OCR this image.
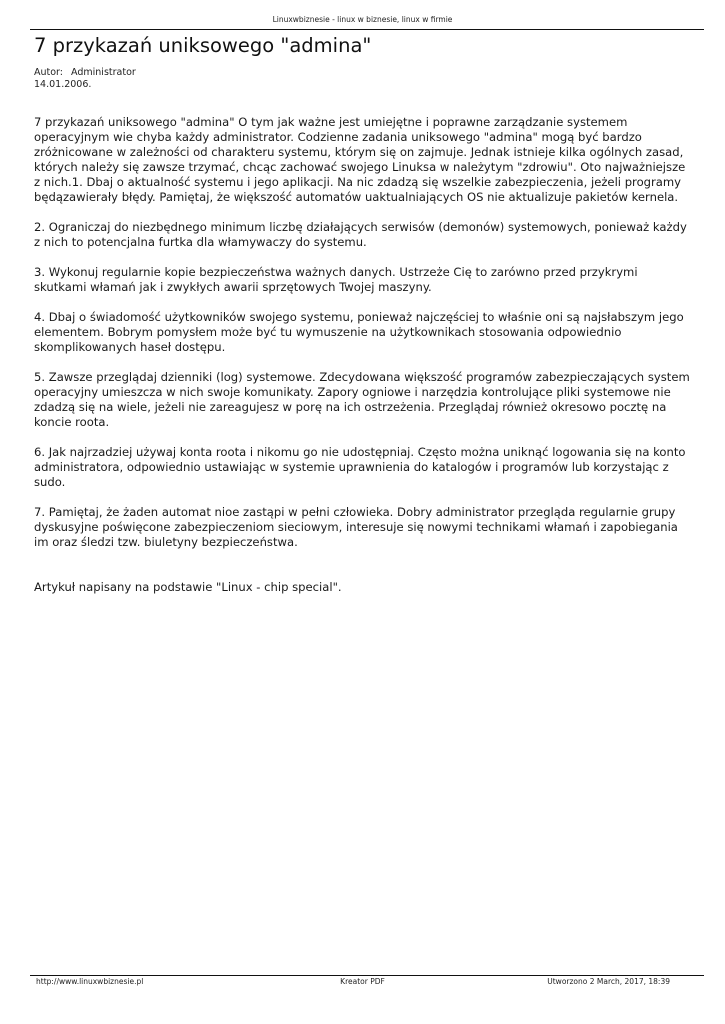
Linuxwbiznesie - linux w biznesie, linux w firmie
7 przykazań uniksowego "admina"
Autor: Administrator
14.01.2006.

7 przykazań uniksowego "admina" O tym jak ważne jest umiejętne i poprawne zarządzanie systemem operacyjnym wie chyba każdy administrator. Codzienne zadania uniksowego "admina" mogą być bardzo zróżnicowane w zależności od charakteru systemu, którym się on zajmuje. Jednak istnieje kilka ogólnych zasad, których należy się zawsze trzymać, chcąc zachować swojego Linuksa w należytym "zdrowiu". Oto najważniejsze z nich.1. Dbaj o aktualność systemu i jego aplikacji. Na nic zdadzą się wszelkie zabezpieczenia, jeżeli programy będązawierały błędy. Pamiętaj, że większość automatów uaktualniających OS nie aktualizuje pakietów kernela.

2. Ograniczaj do niezbędnego minimum liczbę działających serwisów (demonów) systemowych, ponieważ każdy z nich to potencjalna furtka dla włamywaczy do systemu.

3. Wykonuj regularnie kopie bezpieczeństwa ważnych danych. Ustrzeże Cię to zarówno przed przykrymi skutkami włamań jak i zwykłych awarii sprzętowych Twojej maszyny.

4. Dbaj o świadomość użytkowników swojego systemu, ponieważ najczęściej to właśnie oni są najsłabszym jego elementem. Bobrym pomysłem może być tu wymuszenie na użytkownikach stosowania odpowiednio skomplikowanych haseł dostępu.

5. Zawsze przeglądaj dzienniki (log) systemowe. Zdecydowana większość programów zabezpieczających system operacyjny umieszcza w nich swoje komunikaty. Zapory ogniowe i narzędzia kontrolujące pliki systemowe nie zdadzą się na wiele, jeżeli nie zareagujesz w porę na ich ostrzeżenia. Przeglądaj również okresowo pocztę na koncie roota.

6. Jak najrzadziej używaj konta roota i nikomu go nie udostępniaj. Często można uniknąć logowania się na konto administratora, odpowiednio ustawiając w systemie uprawnienia do katalogów i programów lub korzystając z sudo.

7. Pamiętaj, że żaden automat nioe zastąpi w pełni człowieka. Dobry administrator przegląda regularnie grupy dyskusyjne poświęcone zabezpieczeniom sieciowym, interesuje się nowymi technikami włamań i zapobiegania im oraz śledzi tzw. biuletyny bezpieczeństwa.

Artykuł napisany na podstawie "Linux - chip special".

http://www.linuxwbiznesie.pl	Kreator PDF	Utworzono 2 March, 2017, 18:39
